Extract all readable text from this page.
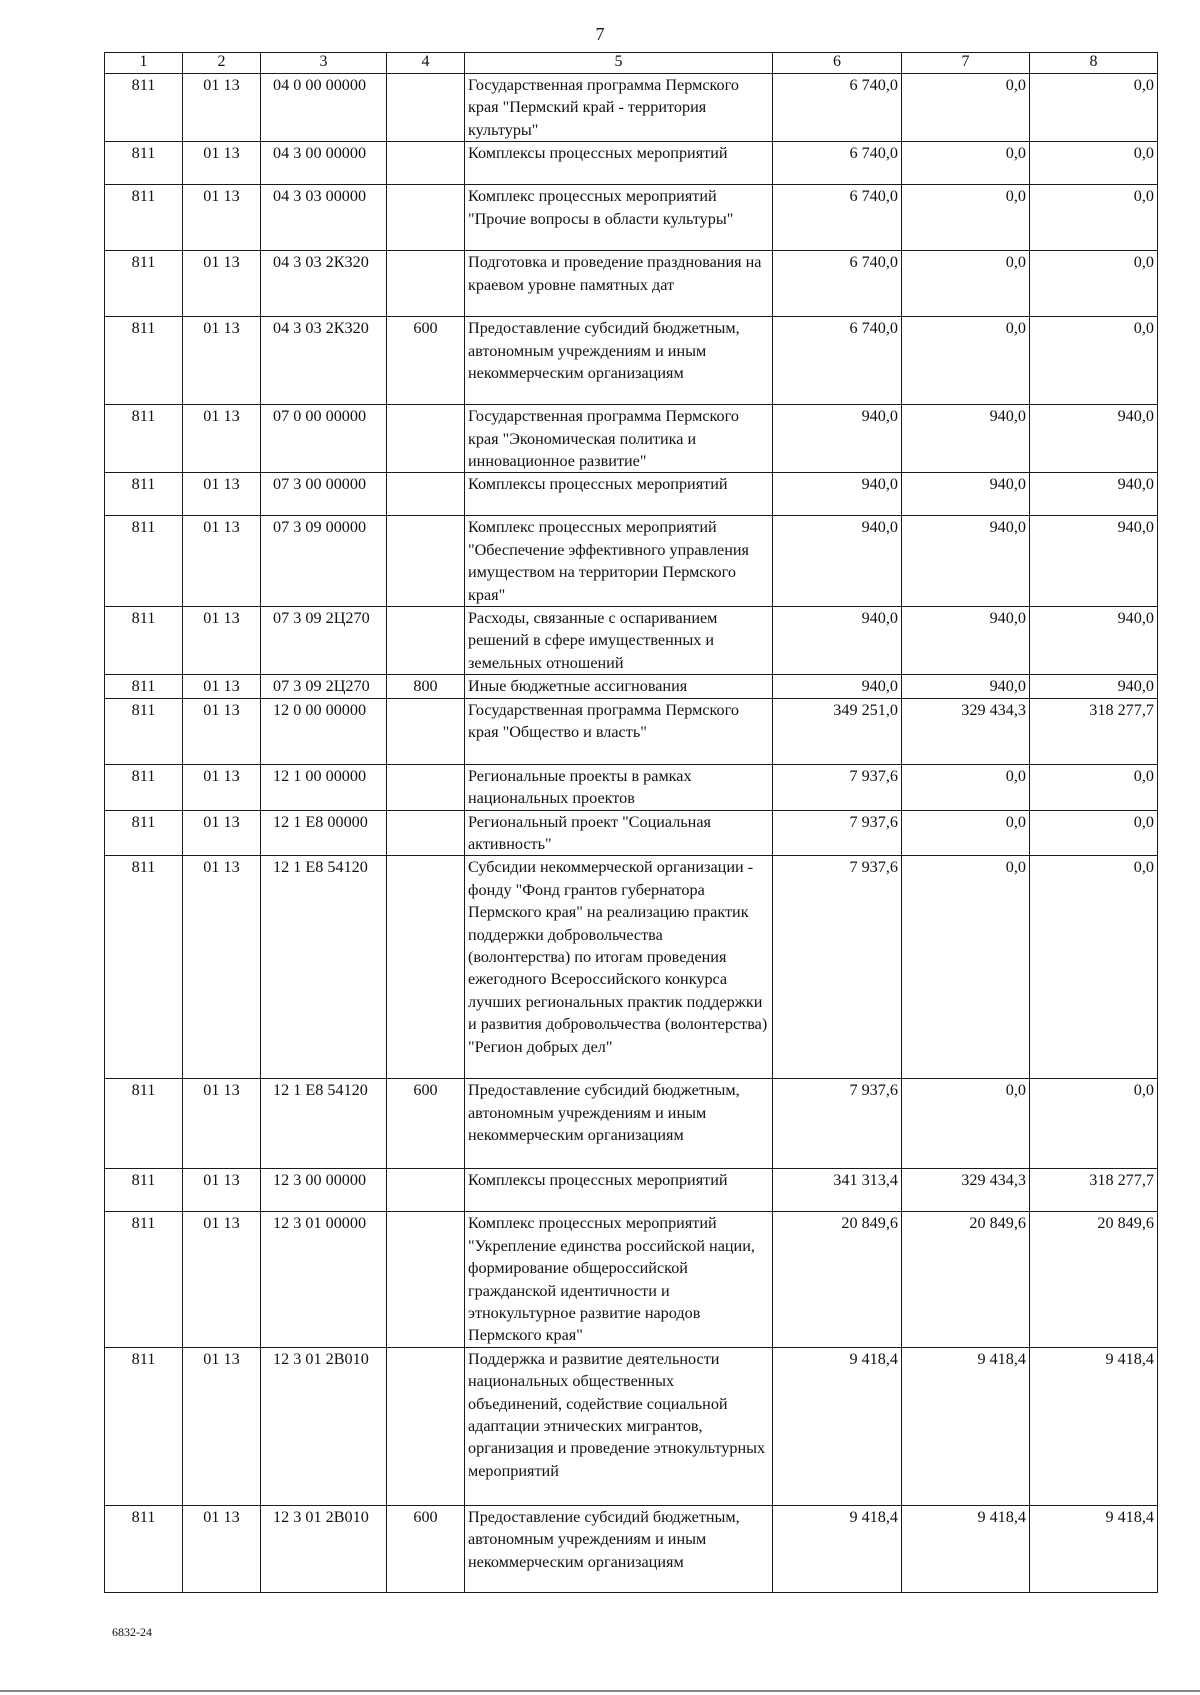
7
1	2	3	4	5	6	7	8
811	01 13	04 0 00 00000		Государственная программа Пермского края "Пермский край - территория культуры"	6 740,0	0,0	0,0
811	01 13	04 3 00 00000		Комплексы процессных мероприятий	6 740,0	0,0	0,0
811	01 13	04 3 03 00000		Комплекс процессных мероприятий "Прочие вопросы в области культуры"	6 740,0	0,0	0,0
811	01 13	04 3 03 2К320		Подготовка и проведение празднования на краевом уровне памятных дат	6 740,0	0,0	0,0
811	01 13	04 3 03 2К320	600	Предоставление субсидий бюджетным, автономным учреждениям и иным некоммерческим организациям	6 740,0	0,0	0,0
811	01 13	07 0 00 00000		Государственная программа Пермского края "Экономическая политика и инновационное развитие"	940,0	940,0	940,0
811	01 13	07 3 00 00000		Комплексы процессных мероприятий	940,0	940,0	940,0
811	01 13	07 3 09 00000		Комплекс процессных мероприятий "Обеспечение эффективного управления имуществом на территории Пермского края"	940,0	940,0	940,0
811	01 13	07 3 09 2Ц270		Расходы, связанные с оспариванием решений в сфере имущественных и земельных отношений	940,0	940,0	940,0
811	01 13	07 3 09 2Ц270	800	Иные бюджетные ассигнования	940,0	940,0	940,0
811	01 13	12 0 00 00000		Государственная программа Пермского края "Общество и власть"	349 251,0	329 434,3	318 277,7
811	01 13	12 1 00 00000		Региональные проекты в рамках национальных проектов	7 937,6	0,0	0,0
811	01 13	12 1 Е8 00000		Региональный проект "Социальная активность"	7 937,6	0,0	0,0
811	01 13	12 1 Е8 54120		Субсидии некоммерческой организации - фонду "Фонд грантов губернатора Пермского края" на реализацию практик поддержки добровольчества (волонтерства) по итогам проведения ежегодного Всероссийского конкурса лучших региональных практик поддержки и развития добровольчества (волонтерства) "Регион добрых дел"	7 937,6	0,0	0,0
811	01 13	12 1 Е8 54120	600	Предоставление субсидий бюджетным, автономным учреждениям и иным некоммерческим организациям	7 937,6	0,0	0,0
811	01 13	12 3 00 00000		Комплексы процессных мероприятий	341 313,4	329 434,3	318 277,7
811	01 13	12 3 01 00000		Комплекс процессных мероприятий "Укрепление единства российской нации, формирование общероссийской гражданской идентичности и этнокультурное развитие народов Пермского края"	20 849,6	20 849,6	20 849,6
811	01 13	12 3 01 2В010		Поддержка и развитие деятельности национальных общественных объединений, содействие социальной адаптации этнических мигрантов, организация и проведение этнокультурных мероприятий	9 418,4	9 418,4	9 418,4
811	01 13	12 3 01 2В010	600	Предоставление субсидий бюджетным, автономным учреждениям и иным некоммерческим организациям	9 418,4	9 418,4	9 418,4
6832-24
